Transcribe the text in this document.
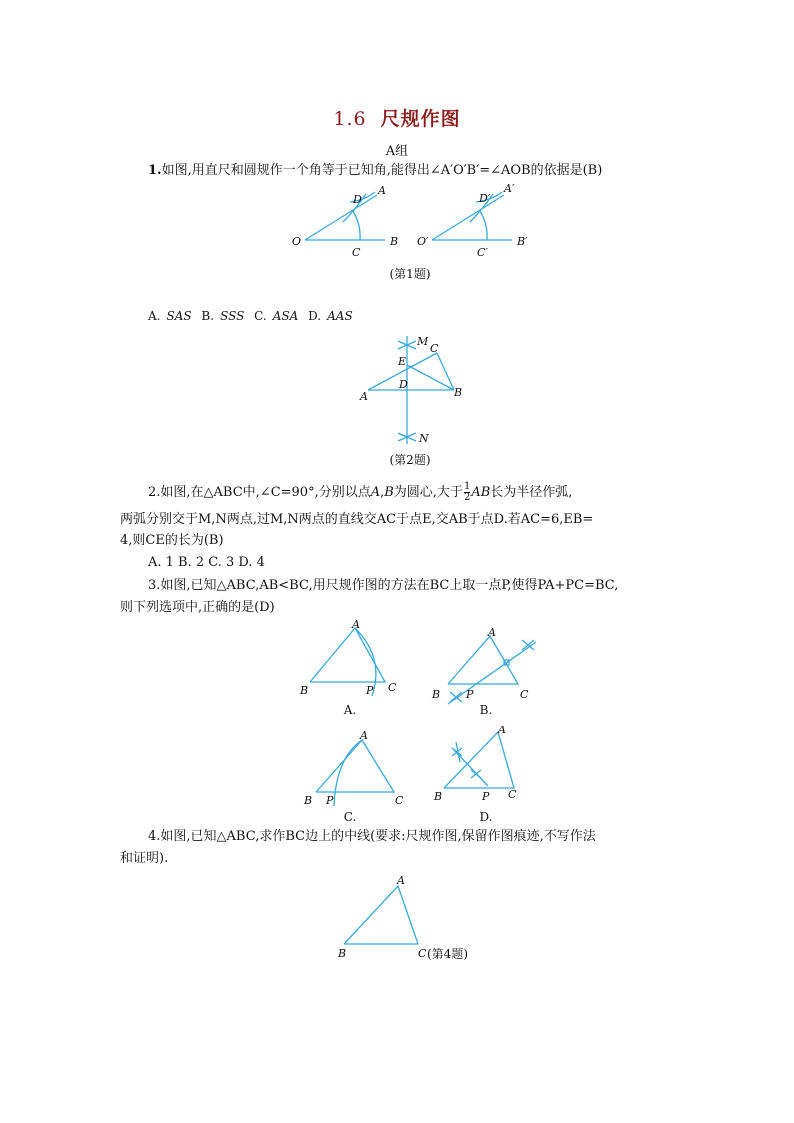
1.6 尺规作图
A组
1.如图,用直尺和圆规作一个角等于已知角,能得出∠A′O′B′=∠AOB的依据是(B)
O
A
B
C
D
O′
A′
B′
C′
D′
(第1题)
A. SAS B. SSS C. ASA D. AAS
M
C
E
D
A	B
N
(第2题)
2.如图,在△ABC中,∠C=90°,分别以点A,B为圆心,大于 $\frac{1}{2}$ AB长为半径作弧,
两弧分别交于M,N两点,过M,N两点的直线交AC于点E,交AB于点D.若AC=6,EB=
4,则CE的长为(B)
A. 1 B. 2 C. 3 D. 4
3.如图,已知△ABC,AB<BC,用尺规作图的方法在BC上取一点P,使得PA+PC=BC,
则下列选项中,正确的是(D)
A
B	P C
A.
A
B P	C
B.
A
B P	C
C.
A
B	P C
D.
4.如图,已知△ABC,求作BC边上的中线(要求:尺规作图,保留作图痕迹,不写作法
和证明).
A
B	C (第4题)
